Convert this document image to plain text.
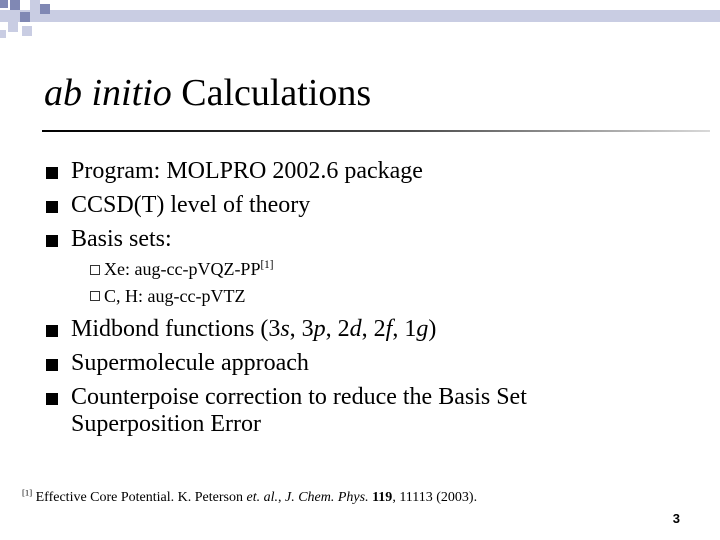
ab initio Calculations
Program: MOLPRO 2002.6 package
CCSD(T) level of theory
Basis sets:
Xe: aug-cc-pVQZ-PP[1]
C, H: aug-cc-pVTZ
Midbond functions (3s, 3p, 2d, 2f, 1g)
Supermolecule approach
Counterpoise correction to reduce the Basis Set
Superposition Error
[1] Effective Core Potential. K. Peterson et. al., J. Chem. Phys. 119, 11113 (2003).
3
